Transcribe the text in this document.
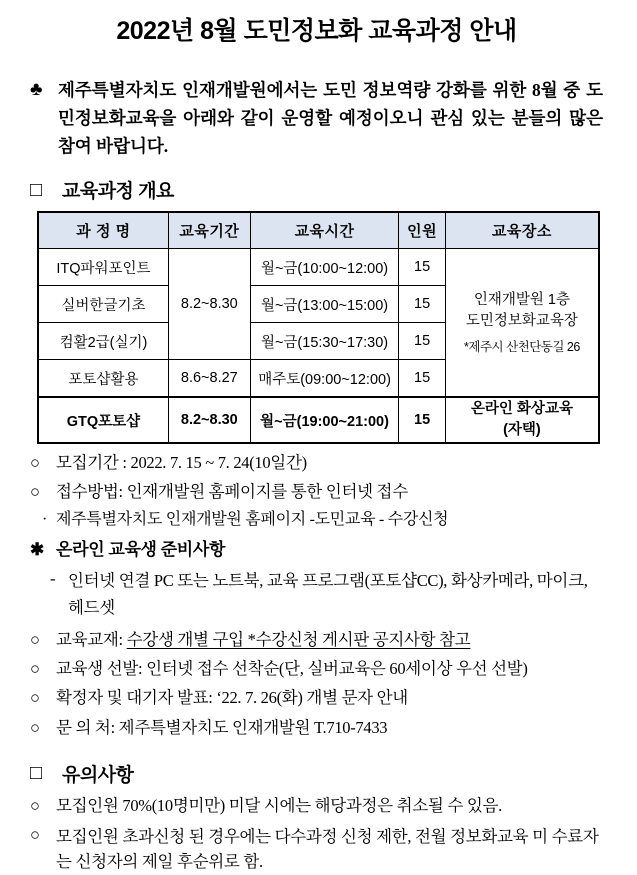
2022년 8월 도민정보화 교육과정 안내
♣ 제주특별자치도 인재개발원에서는 도민 정보역량 강화를 위한 8월 중 도민정보화교육을 아래와 같이 운영할 예정이오니 관심 있는 분들의 많은 참여 바랍니다.
□	교육과정 개요
과 정 명	교육기간	교육시간	인원	교육장소
ITQ파워포인트	8.2~8.30	월~금(10:00~12:00)	15	인재개발원 1층
도민정보화교육장
*제주시 산천단동길 26

실버한글기초		월~금(13:00~15:00)	15	
컴활2급(실기)		월~금(15:30~17:30)	15	
포토샵활용	8.6~8.27	매주토(09:00~12:00)	15	
GTQ포토샵	8.2~8.30	월~금(19:00~21:00)	15	온라인 화상교육
(자택)
○ 모집기간 : 2022. 7. 15 ~ 7. 24(10일간)
○ 접수방법: 인재개발원 홈페이지를 통한 인터넷 접수
· 제주특별자치도 인재개발원 홈페이지 -도민교육 - 수강신청
✱ 온라인 교육생 준비사항
- 인터넷 연결 PC 또는 노트북, 교육 프로그램(포토샵CC), 화상카메라, 마이크, 헤드셋
○ 교육교재: 수강생 개별 구입 *수강신청 게시판 공지사항 참고
○ 교육생 선발: 인터넷 접수 선착순(단, 실버교육은 60세이상 우선 선발)
○ 확정자 및 대기자 발표: ‘22. 7. 26(화) 개별 문자 안내
○ 문 의 처: 제주특별자치도 인재개발원 T.710-7433
□	유의사항
○ 모집인원 70%(10명미만) 미달 시에는 해당과정은 취소될 수 있음.
○ 모집인원 초과신청 된 경우에는 다수과정 신청 제한, 전월 정보화교육 미 수료자는 신청자의 제일 후순위로 함.
